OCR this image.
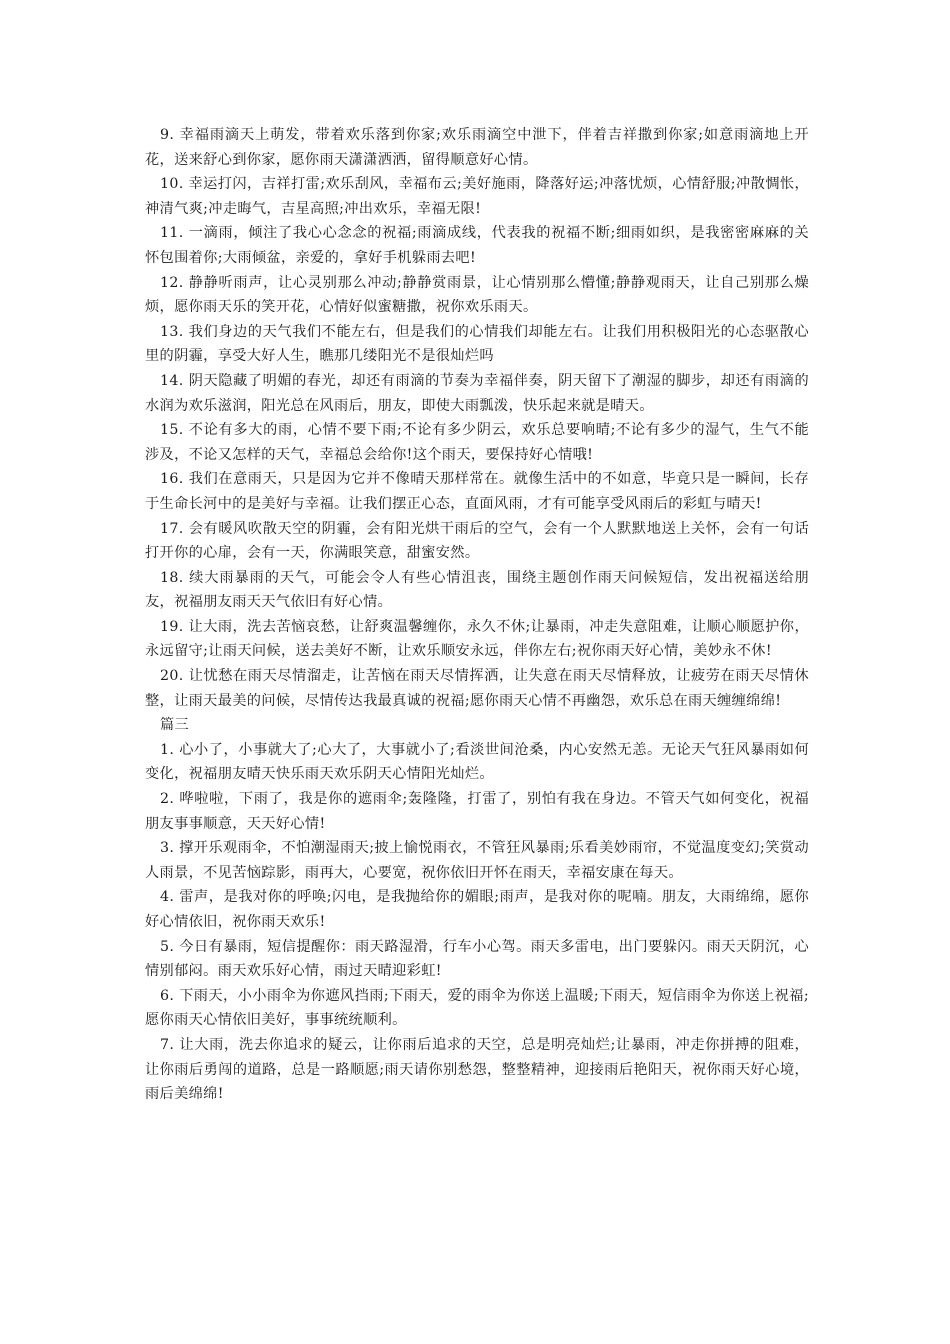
9. 幸福雨滴天上萌发，带着欢乐落到你家;欢乐雨滴空中泄下，伴着吉祥撒到你家;如意雨滴地上开花，送来舒心到你家，愿你雨天潇潇洒洒，留得顺意好心情。

10. 幸运打闪，吉祥打雷;欢乐刮风，幸福布云;美好施雨，降落好运;冲落忧烦，心情舒服;冲散惆怅，神清气爽;冲走晦气，吉星高照;冲出欢乐，幸福无限!

11. 一滴雨，倾注了我心心念念的祝福;雨滴成线，代表我的祝福不断;细雨如织，是我密密麻麻的关怀包围着你;大雨倾盆，亲爱的，拿好手机躲雨去吧!

12. 静静听雨声，让心灵别那么冲动;静静赏雨景，让心情别那么懵懂;静静观雨天，让自己别那么燥烦，愿你雨天乐的笑开花，心情好似蜜糖撒，祝你欢乐雨天。

13. 我们身边的天气我们不能左右，但是我们的心情我们却能左右。让我们用积极阳光的心态驱散心里的阴霾，享受大好人生，瞧那几缕阳光不是很灿烂吗

14. 阴天隐藏了明媚的春光，却还有雨滴的节奏为幸福伴奏，阴天留下了潮湿的脚步，却还有雨滴的水润为欢乐滋润，阳光总在风雨后，朋友，即使大雨瓢泼，快乐起来就是晴天。

15. 不论有多大的雨，心情不要下雨;不论有多少阴云，欢乐总要响晴;不论有多少的湿气，生气不能涉及，不论又怎样的天气，幸福总会给你!这个雨天，要保持好心情哦!

16. 我们在意雨天，只是因为它并不像晴天那样常在。就像生活中的不如意，毕竟只是一瞬间，长存于生命长河中的是美好与幸福。让我们摆正心态，直面风雨，才有可能享受风雨后的彩虹与晴天!

17. 会有暖风吹散天空的阴霾，会有阳光烘干雨后的空气，会有一个人默默地送上关怀，会有一句话打开你的心扉，会有一天，你满眼笑意，甜蜜安然。

18. 续大雨暴雨的天气，可能会令人有些心情沮丧，围绕主题创作雨天问候短信，发出祝福送给朋友，祝福朋友雨天天气依旧有好心情。

19. 让大雨，洗去苦恼哀愁，让舒爽温馨缠你，永久不休;让暴雨，冲走失意阻难，让顺心顺愿护你，永远留守;让雨天问候，送去美好不断，让欢乐顺安永远，伴你左右;祝你雨天好心情，美妙永不休!

20. 让忧愁在雨天尽情溜走，让苦恼在雨天尽情挥洒，让失意在雨天尽情释放，让疲劳在雨天尽情休整，让雨天最美的问候，尽情传达我最真诚的祝福;愿你雨天心情不再幽怨，欢乐总在雨天缠缠绵绵!

篇三

1. 心小了，小事就大了;心大了，大事就小了;看淡世间沧桑，内心安然无恙。无论天气狂风暴雨如何变化，祝福朋友晴天快乐雨天欢乐阴天心情阳光灿烂。

2. 哗啦啦，下雨了，我是你的遮雨伞;轰隆隆，打雷了，别怕有我在身边。不管天气如何变化，祝福朋友事事顺意，天天好心情!

3. 撑开乐观雨伞，不怕潮湿雨天;披上愉悦雨衣，不管狂风暴雨;乐看美妙雨帘，不觉温度变幻;笑赏动人雨景，不见苦恼踪影，雨再大，心要宽，祝你依旧开怀在雨天，幸福安康在每天。

4. 雷声，是我对你的呼唤;闪电，是我抛给你的媚眼;雨声，是我对你的呢喃。朋友，大雨绵绵，愿你好心情依旧，祝你雨天欢乐!

5. 今日有暴雨，短信提醒你：雨天路湿滑，行车小心驾。雨天多雷电，出门要躲闪。雨天天阴沉，心情别郁闷。雨天欢乐好心情，雨过天晴迎彩虹!

6. 下雨天，小小雨伞为你遮风挡雨;下雨天，爱的雨伞为你送上温暖;下雨天，短信雨伞为你送上祝福;愿你雨天心情依旧美好，事事统统顺利。

7. 让大雨，洗去你追求的疑云，让你雨后追求的天空，总是明亮灿烂;让暴雨，冲走你拼搏的阻难，让你雨后勇闯的道路，总是一路顺愿;雨天请你别愁怨，整整精神，迎接雨后艳阳天，祝你雨天好心境，雨后美绵绵!
